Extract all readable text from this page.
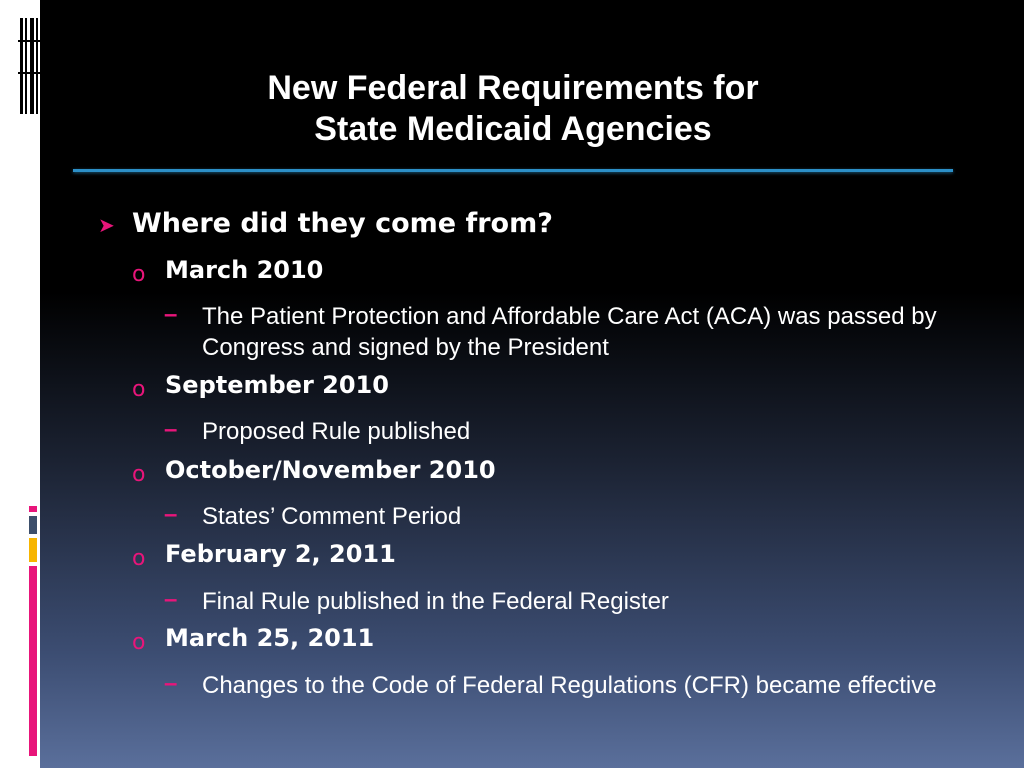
New Federal Requirements for
State Medicaid Agencies
➤ Where did they come from?
o March 2010
– The Patient Protection and Affordable Care Act (ACA) was passed by Congress and signed by the President
o September 2010
– Proposed Rule published
o October/November 2010
– States’ Comment Period
o February 2, 2011
– Final Rule published in the Federal Register
o March 25, 2011
– Changes to the Code of Federal Regulations (CFR) became effective
